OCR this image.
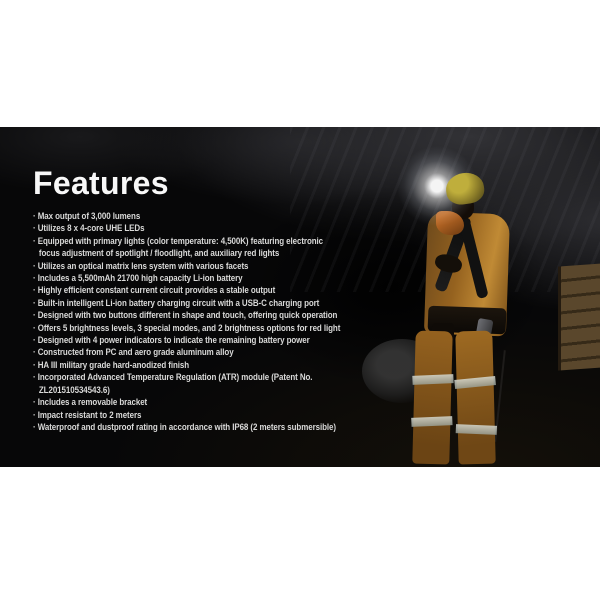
Features
· Max output of 3,000 lumens
· Utilizes 8 x 4-core UHE LEDs
· Equipped with primary lights (color temperature: 4,500K) featuring electronic focus adjustment of spotlight / floodlight, and auxiliary red lights
· Utilizes an optical matrix lens system with various facets
· Includes a 5,500mAh 21700 high capacity Li-ion battery
· Highly efficient constant current circuit provides a stable output
· Built-in intelligent Li-ion battery charging circuit with a USB-C charging port
· Designed with two buttons different in shape and touch, offering quick operation
· Offers 5 brightness levels, 3 special modes, and 2 brightness options for red light
· Designed with 4 power indicators to indicate the remaining battery power
· Constructed from PC and aero grade aluminum alloy
· HA III military grade hard-anodized finish
· Incorporated Advanced Temperature Regulation (ATR) module (Patent No. ZL201510534543.6)
· Includes a removable bracket
· Impact resistant to 2 meters
· Waterproof and dustproof rating in accordance with IP68 (2 meters submersible)
